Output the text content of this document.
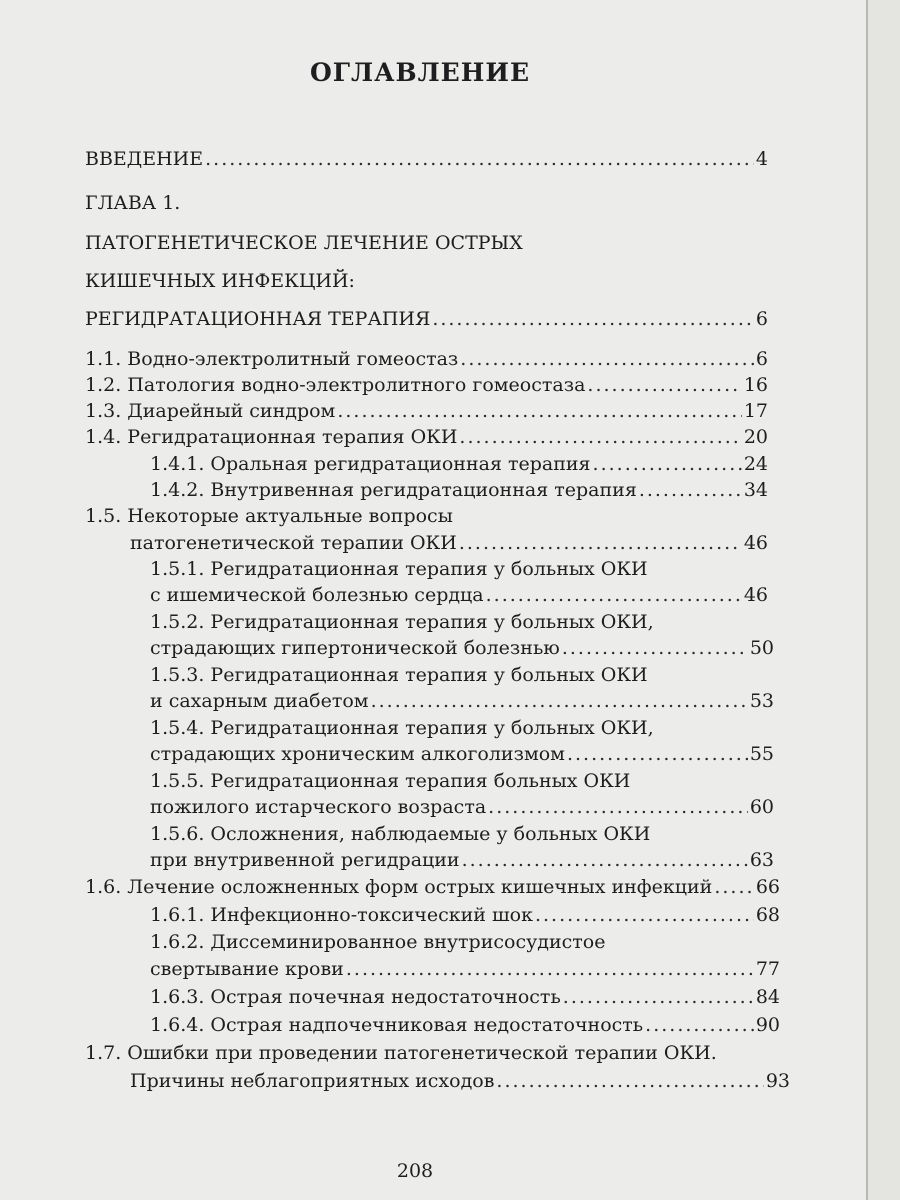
ОГЛАВЛЕНИЕ
ВВЕДЕНИЕ .....	4
ГЛАВА 1.
ПАТОГЕНЕТИЧЕСКОЕ ЛЕЧЕНИЕ ОСТРЫХ
КИШЕЧНЫХ ИНФЕКЦИЙ:
РЕГИДРАТАЦИОННАЯ ТЕРАПИЯ .....	6
1.1. Водно-электролитный гомеостаз .....	6
1.2. Патология водно-электролитного гомеостаза .....	16
1.3. Диарейный синдром .....	17
1.4. Регидратационная терапия ОКИ .....	20
1.4.1. Оральная регидратационная терапия .....	24
1.4.2. Внутривенная регидратационная терапия .....	34
1.5. Некоторые актуальные вопросы
патогенетической терапии ОКИ .....	46
1.5.1. Регидратационная терапия у больных ОКИ
с ишемической болезнью сердца .....	46
1.5.2. Регидратационная терапия у больных ОКИ,
страдающих гипертонической болезнью .....	50
1.5.3. Регидратационная терапия у больных ОКИ
и сахарным диабетом .....	53
1.5.4. Регидратационная терапия у больных ОКИ,
страдающих хроническим алкоголизмом .....	55
1.5.5. Регидратационная терапия больных ОКИ
пожилого истарческого возраста .....	60
1.5.6. Осложнения, наблюдаемые у больных ОКИ
при внутривенной регидрации .....	63
1.6. Лечение осложненных форм острых кишечных инфекций ..... 66
1.6.1. Инфекционно-токсический шок .....	68
1.6.2. Диссеминированное внутрисосудистое
свертывание крови .....	77
1.6.3. Острая почечная недостаточность .....	84
1.6.4. Острая надпочечниковая недостаточность .....	90
1.7. Ошибки при проведении патогенетической терапии ОКИ.
Причины неблагоприятных исходов .....	93
208
